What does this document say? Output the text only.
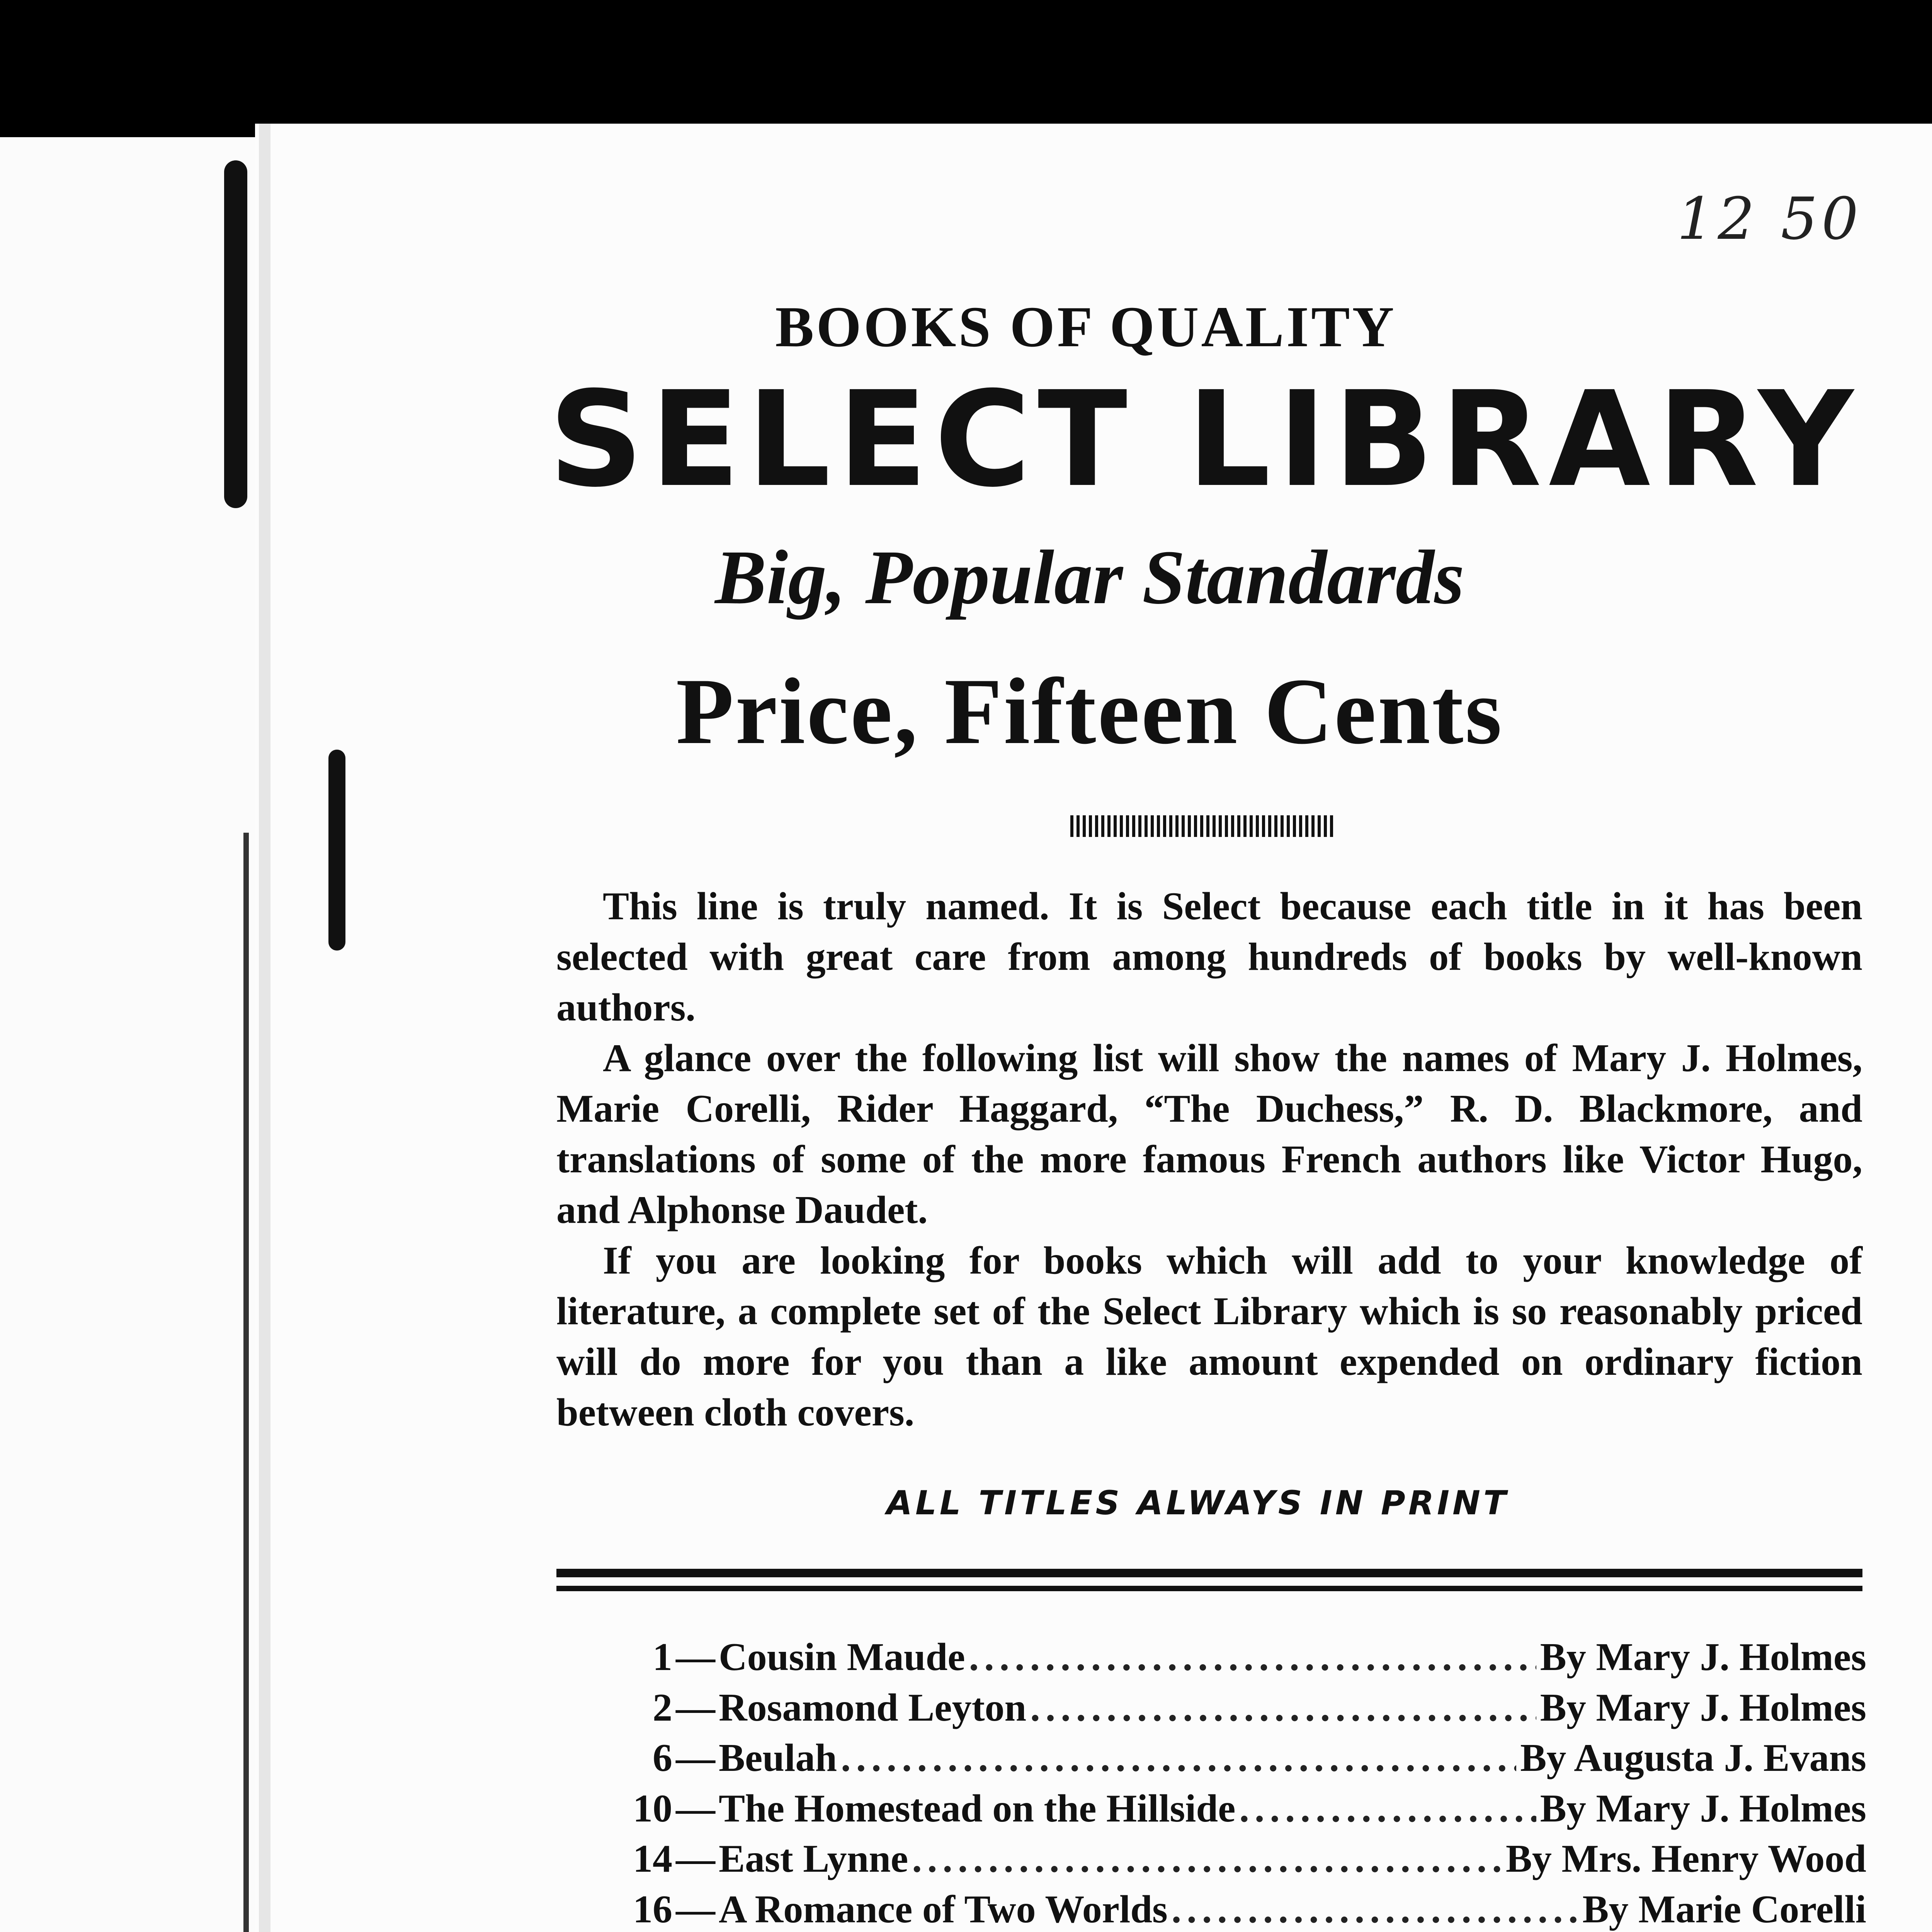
12 50
BOOKS OF QUALITY
SELECT LIBRARY
Big, Popular Standards
Price, Fifteen Cents

This line is truly named. It is Select because each title in it has been selected with great care from among hundreds of books by well-known authors.

A glance over the following list will show the names of Mary J. Holmes, Marie Corelli, Rider Haggard, “The Duchess,” R. D. Blackmore, and translations of some of the more famous French authors like Victor Hugo, and Alphonse Daudet.

If you are looking for books which will add to your knowledge of literature, a complete set of the Select Library which is so reasonably priced will do more for you than a like amount expended on ordinary fiction between cloth covers.

ALL TITLES ALWAYS IN PRINT
1 — Cousin Maude .....	By Mary J. Holmes
2 — Rosamond Leyton .....	By Mary J. Holmes
6 — Beulah .....	By Augusta J. Evans
10 — The Homestead on the Hillside .....	By Mary J. Holmes
14 — East Lynne .....	By Mrs. Henry Wood
16 — A Romance of Two Worlds .....	By Marie Corelli
